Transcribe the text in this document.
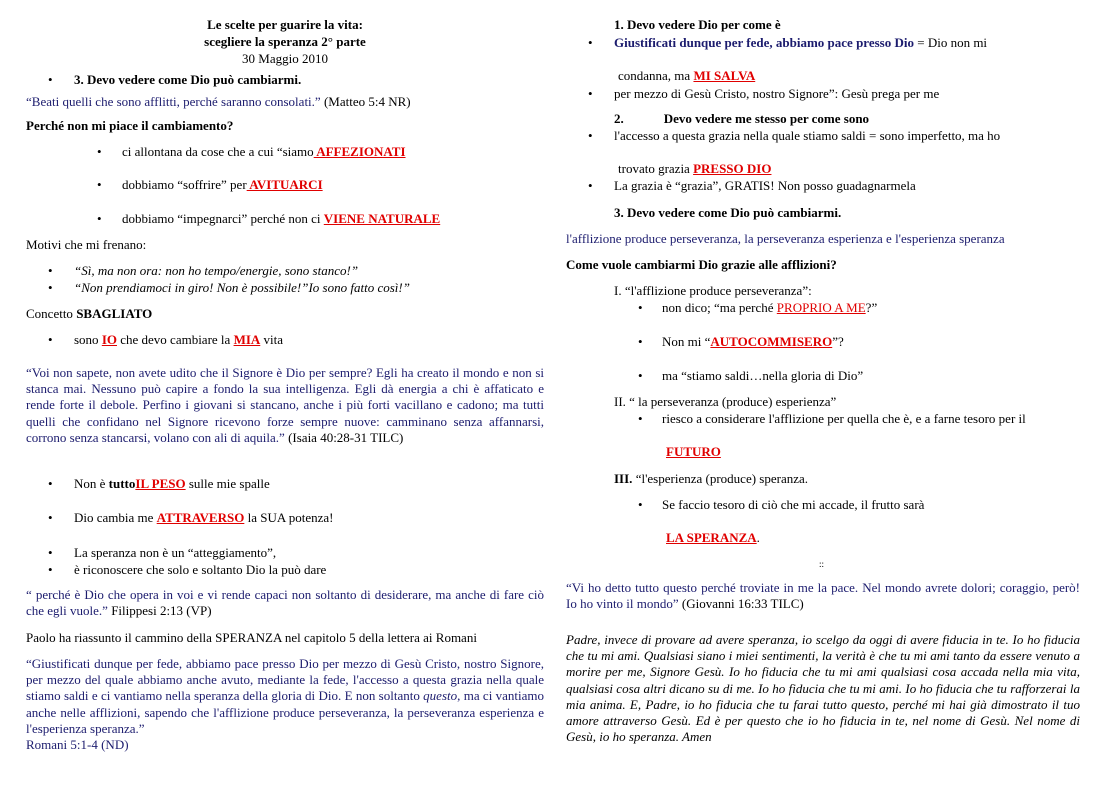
Le scelte per guarire la vita:
scegliere la speranza 2° parte
30 Maggio 2010
• 3. Devo vedere come Dio può cambiarmi.
“Beati quelli che sono afflitti, perché saranno consolati.” (Matteo 5:4 NR)
Perché non mi piace il cambiamento?
• ci allontana da cose che a cui “siamo AFFEZIONATI
• dobbiamo “soffrire” per AVITUARCI
• dobbiamo “impegnarci” perché non ci VIENE NATURALE
Motivi che mi frenano:
• “Sì, ma non ora: non ho tempo/energie, sono stanco!”
• “Non prendiamoci in giro! Non è possibile!”Io sono fatto così!”
Concetto SBAGLIATO
• sono IO che devo cambiare la MIA vita
“Voi non sapete, non avete udito che il Signore è Dio per sempre? Egli ha creato il mondo e non si stanca mai. Nessuno può capire a fondo la sua intelligenza. Egli dà energia a chi è affaticato e rende forte il debole. Perfino i giovani si stancano, anche i più forti vacillano e cadono; ma tutti quelli che confidano nel Signore ricevono forze sempre nuove: camminano senza affannarsi, corrono senza stancarsi, volano con ali di aquila.” (Isaia 40:28-31 TILC)
• Non è tuttoIL PESO sulle mie spalle
• Dio cambia me ATTRAVERSO la SUA potenza!
• La speranza non è un “atteggiamento”,
• è riconoscere che solo e soltanto Dio la può dare
“ perché è Dio che opera in voi e vi rende capaci non soltanto di desiderare, ma anche di fare ciò che egli vuole.” Filippesi 2:13 (VP)
Paolo ha riassunto il cammino della SPERANZA nel capitolo 5 della lettera ai Romani
“Giustificati dunque per fede, abbiamo pace presso Dio per mezzo di Gesù Cristo, nostro Signore, per mezzo del quale abbiamo anche avuto, mediante la fede, l'accesso a questa grazia nella quale stiamo saldi e ci vantiamo nella speranza della gloria di Dio. E non soltanto questo, ma ci vantiamo anche nelle afflizioni, sapendo che l'afflizione produce perseveranza, la perseveranza esperienza e l'esperienza speranza.”
Romani 5:1-4 (ND)
1. Devo vedere Dio per come è
• Giustificati dunque per fede, abbiamo pace presso Dio = Dio non mi
condanna, ma MI SALVA
• per mezzo di Gesù Cristo, nostro Signore”: Gesù prega per me
2.	Devo vedere me stesso per come sono
• l'accesso a questa grazia nella quale stiamo saldi = sono imperfetto, ma ho
trovato grazia PRESSO DIO
• La grazia è “grazia”, GRATIS! Non posso guadagnarmela
3. Devo vedere come Dio può cambiarmi.
l'afflizione produce perseveranza, la perseveranza esperienza e l'esperienza speranza
Come vuole cambiarmi Dio grazie alle afflizioni?
I. “l'afflizione produce perseveranza”:
• non dico; “ma perché PROPRIO A ME?”
• Non mi “AUTOCOMMISERO”?
• ma “stiamo saldi…nella gloria di Dio”
II. “ la perseveranza (produce) esperienza”
• riesco a considerare l'afflizione per quella che è, e a farne tesoro per il
FUTURO
III. “l'esperienza (produce) speranza.
• Se faccio tesoro di ciò che mi accade, il frutto sarà
LA SPERANZA.
::
“Vi ho detto tutto questo perché troviate in me la pace. Nel mondo avrete dolori; coraggio, però! Io ho vinto il mondo” (Giovanni 16:33 TILC)
Padre, invece di provare ad avere speranza, io scelgo da oggi di avere fiducia in te. Io ho fiducia che tu mi ami. Qualsiasi siano i miei sentimenti, la verità è che tu mi ami tanto da essere venuto a morire per me, Signore Gesù. Io ho fiducia che tu mi ami qualsiasi cosa accada nella mia vita, qualsiasi cosa altri dicano su di me. Io ho fiducia che tu mi ami. Io ho fiducia che tu rafforzerai la mia anima. E, Padre, io ho fiducia che tu farai tutto questo, perché mi hai già dimostrato il tuo amore attraverso Gesù. Ed è per questo che io ho fiducia in te, nel nome di Gesù. Nel nome di Gesù, io ho speranza. Amen
